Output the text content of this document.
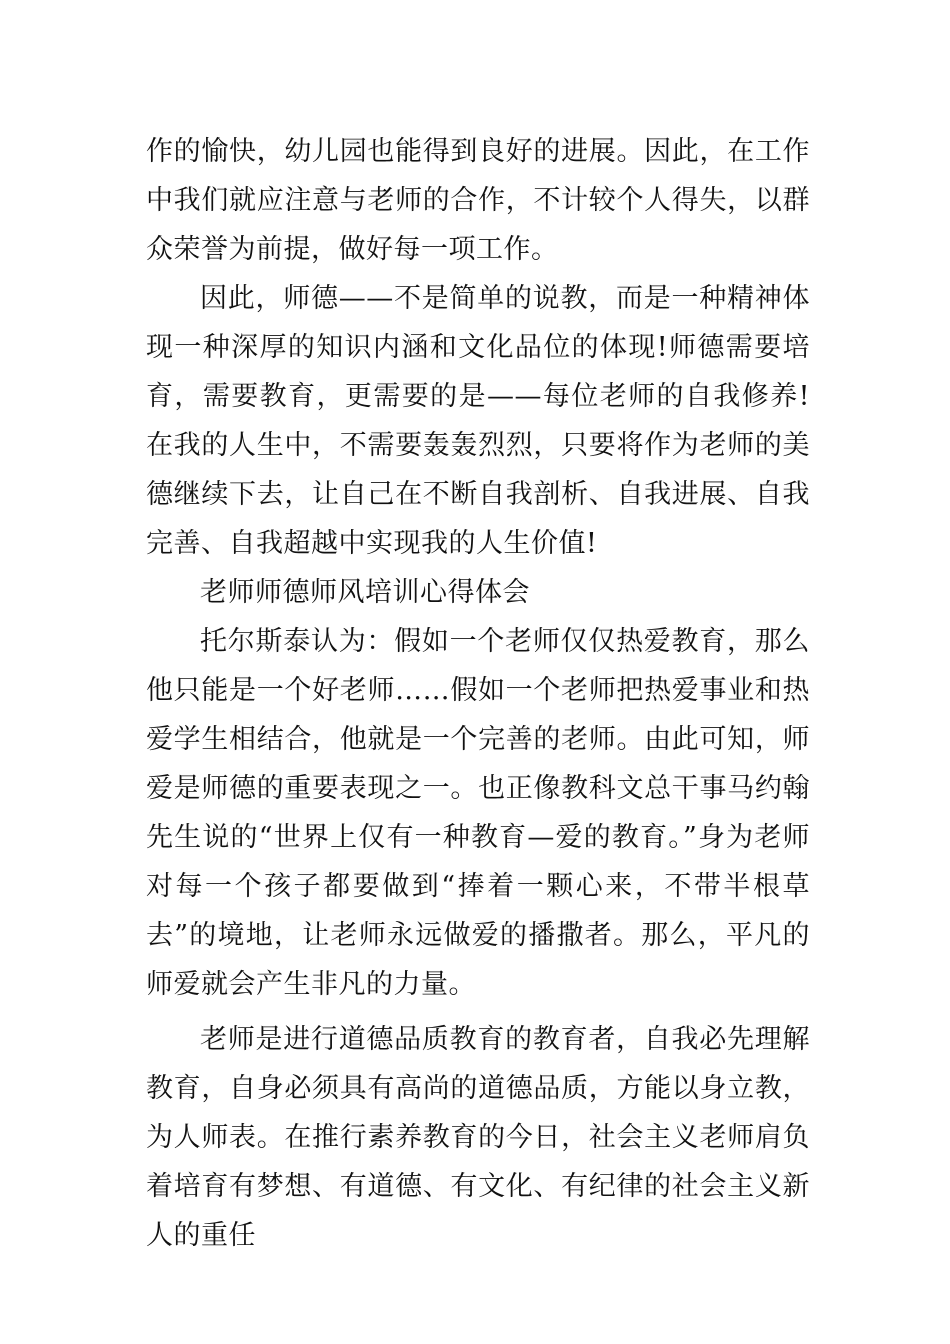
作的愉快，幼儿园也能得到良好的进展。因此，在工作中我们就应注意与老师的合作，不计较个人得失，以群众荣誉为前提，做好每一项工作。

因此，师德——不是简单的说教，而是一种精神体现一种深厚的知识内涵和文化品位的体现!师德需要培育，需要教育，更需要的是——每位老师的自我修养!在我的人生中，不需要轰轰烈烈，只要将作为老师的美德继续下去，让自己在不断自我剖析、自我进展、自我完善、自我超越中实现我的人生价值!

老师师德师风培训心得体会

托尔斯泰认为：假如一个老师仅仅热爱教育，那么他只能是一个好老师……假如一个老师把热爱事业和热爱学生相结合，他就是一个完善的老师。由此可知，师爱是师德的重要表现之一。也正像教科文总干事马约翰先生说的“世界上仅有一种教育—爱的教育。”身为老师对每一个孩子都要做到“捧着一颗心来，不带半根草去”的境地，让老师永远做爱的播撒者。那么，平凡的师爱就会产生非凡的力量。

老师是进行道德品质教育的教育者，自我必先理解教育，自身必须具有高尚的道德品质，方能以身立教，为人师表。在推行素养教育的今日，社会主义老师肩负着培育有梦想、有道德、有文化、有纪律的社会主义新人的重任
